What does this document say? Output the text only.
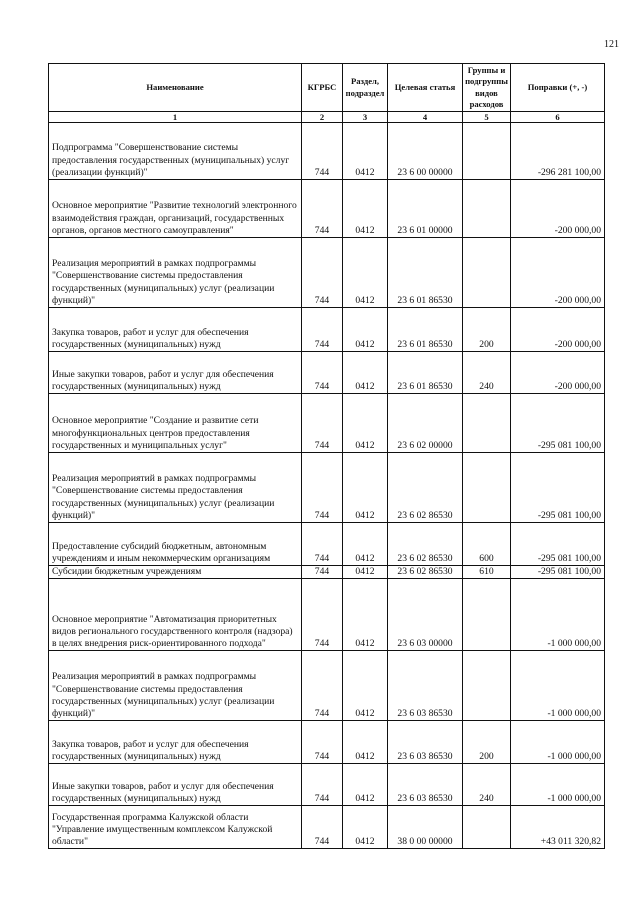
121
Наименование	КГРБС	Раздел, подраздел	Целевая статья	Группы и подгруппы видов расходов	Поправки (+, -)
1	2	3	4	5	6
Подпрограмма "Совершенствование системы предоставления государственных (муниципальных) услуг (реализации функций)"	744	0412	23 6 00 00000		-296 281 100,00
Основное мероприятие "Развитие технологий электронного взаимодействия граждан, организаций, государственных органов, органов местного самоуправления"	744	0412	23 6 01 00000		-200 000,00
Реализация мероприятий в рамках подпрограммы "Совершенствование системы предоставления государственных (муниципальных) услуг (реализации функций)"	744	0412	23 6 01 86530		-200 000,00
Закупка товаров, работ и услуг для обеспечения государственных (муниципальных) нужд	744	0412	23 6 01 86530	200	-200 000,00
Иные закупки товаров, работ и услуг для обеспечения государственных (муниципальных) нужд	744	0412	23 6 01 86530	240	-200 000,00
Основное мероприятие "Создание и развитие сети многофункциональных центров предоставления государственных и муниципальных услуг"	744	0412	23 6 02 00000		-295 081 100,00
Реализация мероприятий в рамках подпрограммы "Совершенствование системы предоставления государственных (муниципальных) услуг (реализации функций)"	744	0412	23 6 02 86530		-295 081 100,00
Предоставление субсидий бюджетным, автономным учреждениям и иным некоммерческим организациям	744	0412	23 6 02 86530	600	-295 081 100,00
Субсидии бюджетным учреждениям	744	0412	23 6 02 86530	610	-295 081 100,00
Основное мероприятие "Автоматизация приоритетных видов регионального государственного контроля (надзора) в целях внедрения риск-ориентированного подхода"	744	0412	23 6 03 00000		-1 000 000,00
Реализация мероприятий в рамках подпрограммы "Совершенствование системы предоставления государственных (муниципальных) услуг (реализации функций)"	744	0412	23 6 03 86530		-1 000 000,00
Закупка товаров, работ и услуг для обеспечения государственных (муниципальных) нужд	744	0412	23 6 03 86530	200	-1 000 000,00
Иные закупки товаров, работ и услуг для обеспечения государственных (муниципальных) нужд	744	0412	23 6 03 86530	240	-1 000 000,00
Государственная программа Калужской области "Управление имущественным комплексом Калужской области"	744	0412	38 0 00 00000		+43 011 320,82
